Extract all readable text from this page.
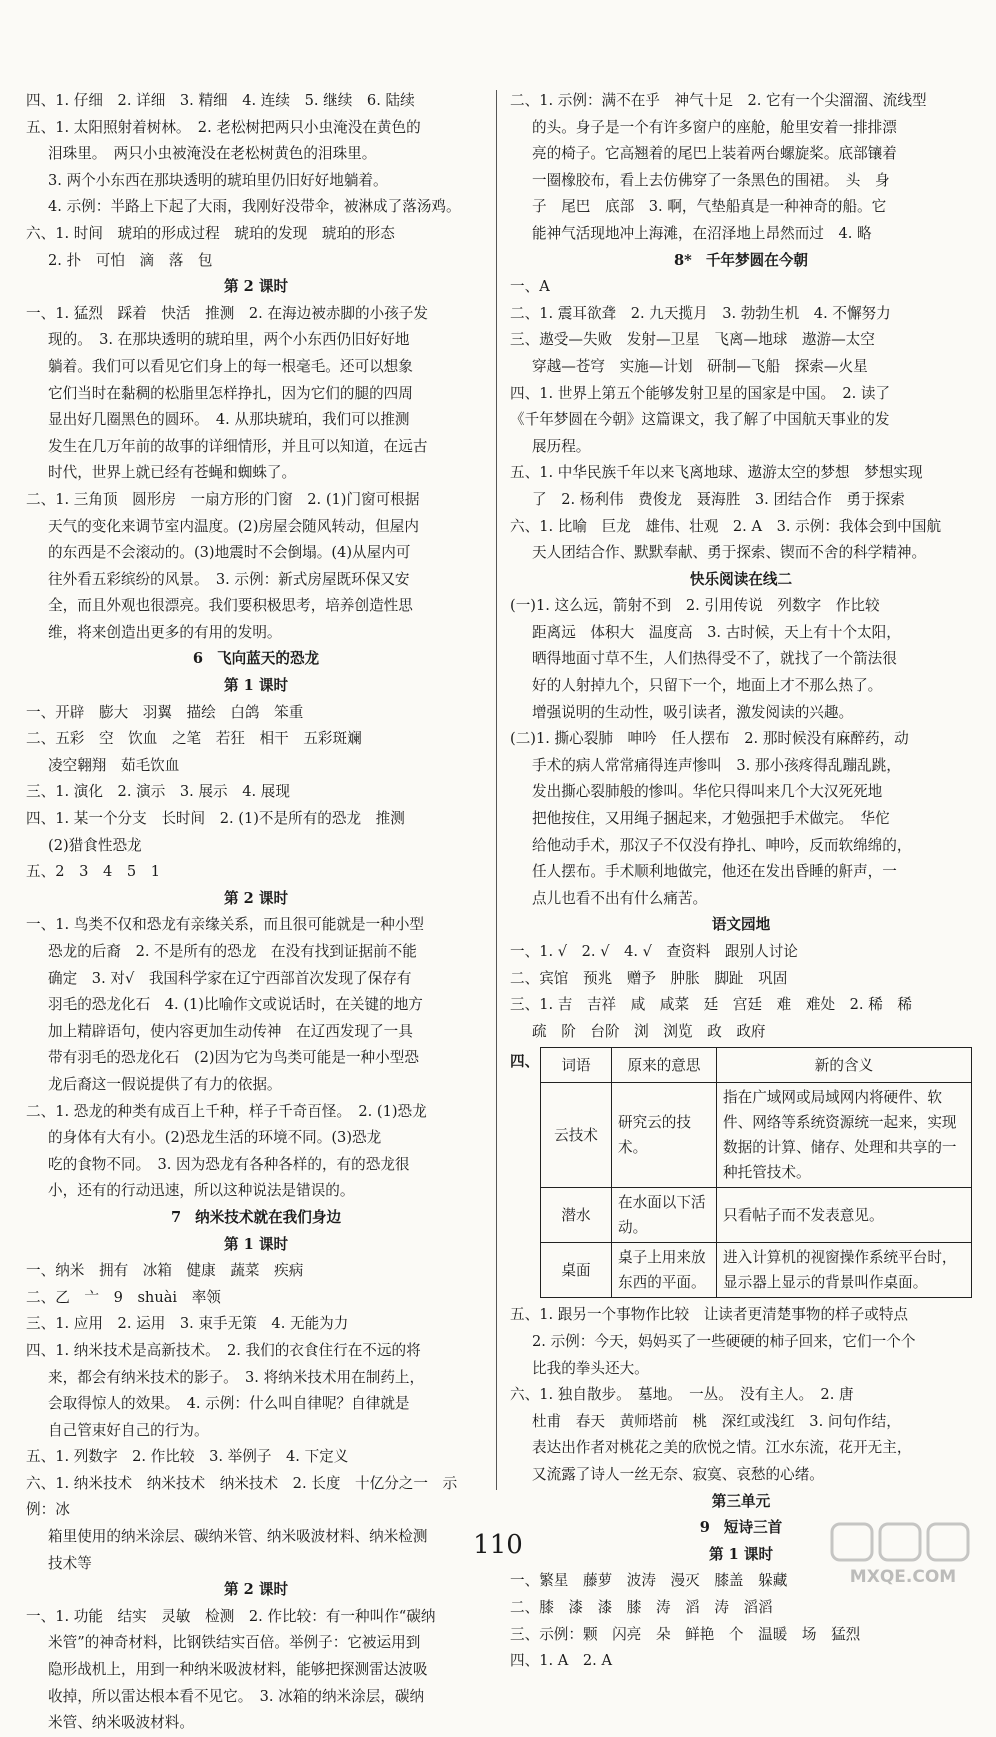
四、1. 仔细　2. 详细　3. 精细　4. 连续　5. 继续　6. 陆续
五、1. 太阳照射着树林。　2. 老松树把两只小虫淹没在黄色的
泪珠里。　两只小虫被淹没在老松树黄色的泪珠里。
3. 两个小东西在那块透明的琥珀里仍旧好好地躺着。
4. 示例：半路上下起了大雨，我刚好没带伞，被淋成了落汤鸡。
六、1. 时间　琥珀的形成过程　琥珀的发现　琥珀的形态
2. 扑　可怕　滴　落　包
第 2 课时
一、1. 猛烈　踩着　快活　推测　2. 在海边被赤脚的小孩子发
现的。　3. 在那块透明的琥珀里，两个小东西仍旧好好地
躺着。我们可以看见它们身上的每一根毫毛。还可以想象
它们当时在黏稠的松脂里怎样挣扎，因为它们的腿的四周
显出好几圈黑色的圆环。　4. 从那块琥珀，我们可以推测
发生在几万年前的故事的详细情形，并且可以知道，在远古
时代，世界上就已经有苍蝇和蜘蛛了。
二、1. 三角顶　圆形房　一扇方形的门窗　2. (1)门窗可根据
天气的变化来调节室内温度。(2)房屋会随风转动，但屋内
的东西是不会滚动的。(3)地震时不会倒塌。(4)从屋内可
往外看五彩缤纷的风景。　3. 示例：新式房屋既环保又安
全，而且外观也很漂亮。我们要积极思考，培养创造性思
维，将来创造出更多的有用的发明。
6 飞向蓝天的恐龙
第 1 课时
一、开辟　膨大　羽翼　描绘　白鸽　笨重
二、五彩　空　饮血　之笔　若狂　相干　五彩斑斓
凌空翱翔　茹毛饮血
三、1. 演化　2. 演示　3. 展示　4. 展现
四、1. 某一个分支　长时间　2. (1)不是所有的恐龙　推测
(2)猎食性恐龙
五、2　3　4　5　1
第 2 课时
一、1. 鸟类不仅和恐龙有亲缘关系，而且很可能就是一种小型
恐龙的后裔　2. 不是所有的恐龙　在没有找到证据前不能
确定　3. 对√　我国科学家在辽宁西部首次发现了保存有
羽毛的恐龙化石　4. (1)比喻作文或说话时，在关键的地方
加上精辟语句，使内容更加生动传神　在辽西发现了一具
带有羽毛的恐龙化石　(2)因为它为鸟类可能是一种小型恐
龙后裔这一假说提供了有力的依据。
二、1. 恐龙的种类有成百上千种，样子千奇百怪。　2. (1)恐龙
的身体有大有小。(2)恐龙生活的环境不同。(3)恐龙
吃的食物不同。　3. 因为恐龙有各种各样的，有的恐龙很
小，还有的行动迅速，所以这种说法是错误的。
7 纳米技术就在我们身边
第 1 课时
一、纳米　拥有　冰箱　健康　蔬菜　疾病
二、乙　亠　9　shuài　率领
三、1. 应用　2. 运用　3. 束手无策　4. 无能为力
四、1. 纳米技术是高新技术。　2. 我们的衣食住行在不远的将
来，都会有纳米技术的影子。　3. 将纳米技术用在制药上，
会取得惊人的效果。　4. 示例：什么叫自律呢？自律就是
自己管束好自己的行为。
五、1. 列数字　2. 作比较　3. 举例子　4. 下定义
六、1. 纳米技术　纳米技术　纳米技术　2. 长度　十亿分之一　示例：冰
箱里使用的纳米涂层、碳纳米管、纳米吸波材料、纳米检测
技术等
第 2 课时
一、1. 功能　结实　灵敏　检测　2. 作比较：有一种叫作“碳纳
米管”的神奇材料，比钢铁结实百倍。举例子：它被运用到
隐形战机上，用到一种纳米吸波材料，能够把探测雷达波吸
收掉，所以雷达根本看不见它。　3. 冰箱的纳米涂层，碳纳
米管、纳米吸波材料。
二、1. 示例：满不在乎　神气十足　2. 它有一个尖溜溜、流线型
的头。身子是一个有许多窗户的座舱，舱里安着一排排漂
亮的椅子。它高翘着的尾巴上装着两台螺旋桨。底部镶着
一圈橡胶布，看上去仿佛穿了一条黑色的围裙。　头　身
子　尾巴　底部　3. 啊，气垫船真是一种神奇的船。它
能神气活现地冲上海滩，在沼泽地上昂然而过　4. 略
8* 千年梦圆在今朝
一、A
二、1. 震耳欲聋　2. 九天揽月　3. 勃勃生机　4. 不懈努力
三、遨受—失败　发射—卫星　飞离—地球　遨游—太空
穿越—苍穹　实施—计划　研制—飞船　探索—火星
四、1. 世界上第五个能够发射卫星的国家是中国。　2. 读了
《千年梦圆在今朝》这篇课文，我了解了中国航天事业的发
展历程。
五、1. 中华民族千年以来飞离地球、遨游太空的梦想　梦想实现
了　2. 杨利伟　费俊龙　聂海胜　3. 团结合作　勇于探索
六、1. 比喻　巨龙　雄伟、壮观　2. A　3. 示例：我体会到中国航
天人团结合作、默默奉献、勇于探索、锲而不舍的科学精神。
快乐阅读在线二
(一)1. 这么远，箭射不到　2. 引用传说　列数字　作比较
距离远　体积大　温度高　3. 古时候，天上有十个太阳，
晒得地面寸草不生，人们热得受不了，就找了一个箭法很
好的人射掉九个，只留下一个，地面上才不那么热了。
增强说明的生动性，吸引读者，激发阅读的兴趣。
(二)1. 撕心裂肺　呻吟　任人摆布　2. 那时候没有麻醉药，动
手术的病人常常痛得连声惨叫　3. 那小孩疼得乱蹦乱跳，
发出撕心裂肺般的惨叫。华佗只得叫来几个大汉死死地
把他按住，又用绳子捆起来，才勉强把手术做完。　华佗
给他动手术，那汉子不仅没有挣扎、呻吟，反而软绵绵的，
任人摆布。手术顺利地做完，他还在发出昏睡的鼾声，一
点儿也看不出有什么痛苦。
语文园地
一、1. √　2. √　4. √　查资料　跟别人讨论
二、宾馆　预兆　赠予　肿胀　脚趾　巩固
三、1. 吉　吉祥　咸　咸菜　廷　宫廷　难　难处　2. 稀　稀
疏　阶　台阶　浏　浏览　政　政府
四、 词语	原来的意思	新的含义
云技术	研究云的技术。	指在广域网或局域网内将硬件、软件、网络等系统资源统一起来，实现数据的计算、储存、处理和共享的一种托管技术。
潜水	在水面以下活动。	只看帖子而不发表意见。
桌面	桌子上用来放东西的平面。	进入计算机的视窗操作系统平台时，显示器上显示的背景叫作桌面。
五、1. 跟另一个事物作比较　让读者更清楚事物的样子或特点
2. 示例：今天，妈妈买了一些硬硬的柿子回来，它们一个个
比我的拳头还大。
六、1. 独自散步。　墓地。　一丛。　没有主人。　2. 唐
杜甫　春天　黄师塔前　桃　深红或浅红　3. 问句作结，
表达出作者对桃花之美的欣悦之情。江水东流，花开无主，
又流露了诗人一丝无奈、寂寞、哀愁的心绪。
第三单元
9 短诗三首
第 1 课时
一、繁星　藤萝　波涛　漫灭　膝盖　躲藏
二、膝　漆　漆　膝　涛　滔　涛　滔滔
三、示例：颗　闪亮　朵　鲜艳　个　温暖　场　猛烈
四、1. A　2. A
110
MXQE.COM
